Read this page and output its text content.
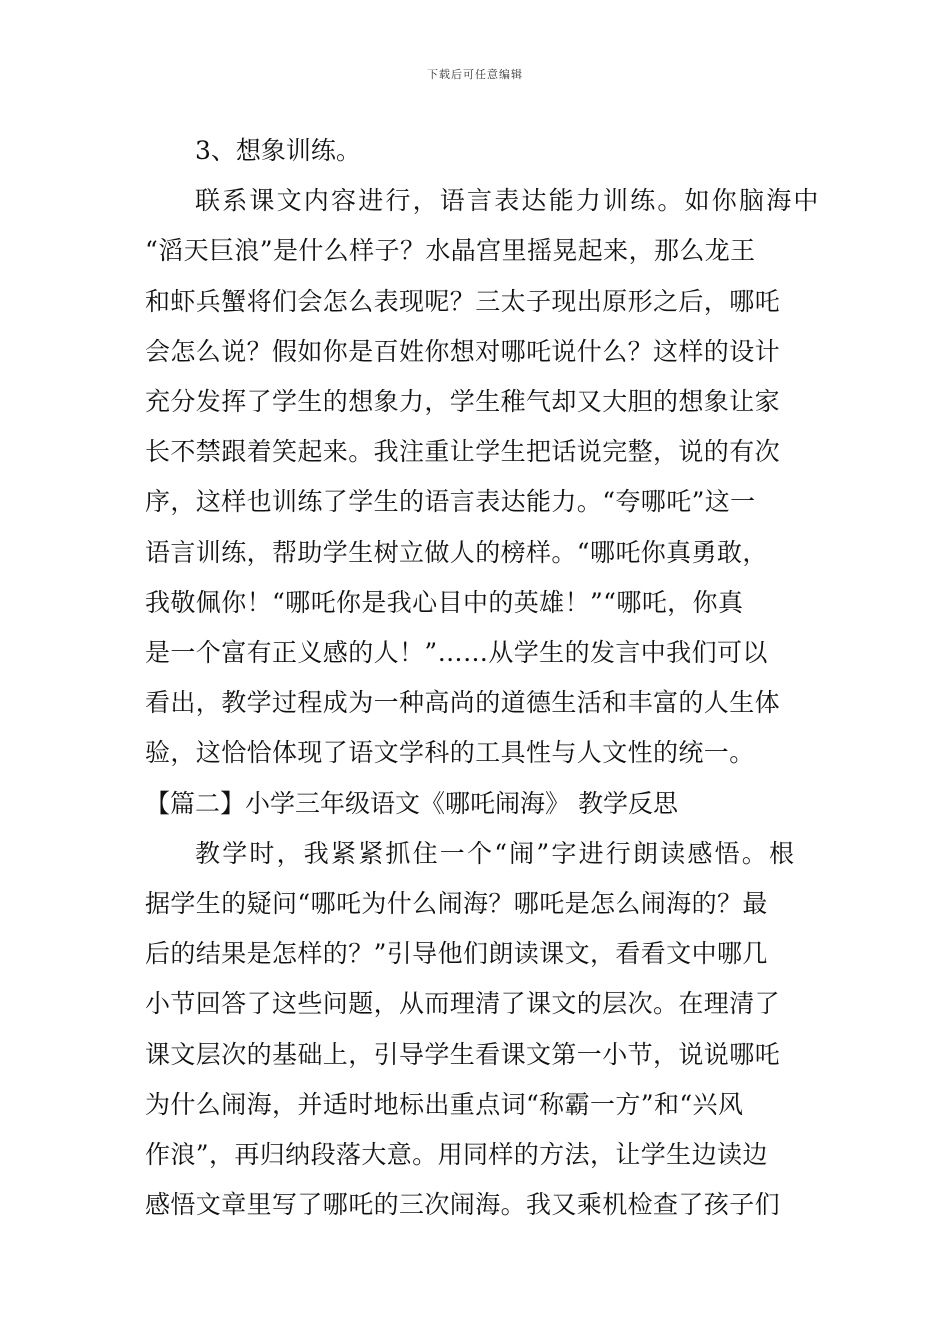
下载后可任意编辑
3、想象训练。
联系课文内容进行，语言表达能力训练。如你脑海中
“滔天巨浪”是什么样子？水晶宫里摇晃起来，那么龙王
和虾兵蟹将们会怎么表现呢？三太子现出原形之后，哪吒
会怎么说？假如你是百姓你想对哪吒说什么？这样的设计
充分发挥了学生的想象力，学生稚气却又大胆的想象让家
长不禁跟着笑起来。我注重让学生把话说完整，说的有次
序，这样也训练了学生的语言表达能力。“夸哪吒”这一
语言训练，帮助学生树立做人的榜样。“哪吒你真勇敢，
我敬佩你！“哪吒你是我心目中的英雄！”“哪吒，你真
是一个富有正义感的人！”……从学生的发言中我们可以
看出，教学过程成为一种高尚的道德生活和丰富的人生体
验，这恰恰体现了语文学科的工具性与人文性的统一。
【篇二】小学三年级语文《哪吒闹海》 教学反思
教学时，我紧紧抓住一个“闹”字进行朗读感悟。根
据学生的疑问“哪吒为什么闹海？哪吒是怎么闹海的？最
后的结果是怎样的？”引导他们朗读课文，看看文中哪几
小节回答了这些问题，从而理清了课文的层次。在理清了
课文层次的基础上，引导学生看课文第一小节，说说哪吒
为什么闹海，并适时地标出重点词“称霸一方”和“兴风
作浪”，再归纳段落大意。用同样的方法，让学生边读边
感悟文章里写了哪吒的三次闹海。我又乘机检查了孩子们
